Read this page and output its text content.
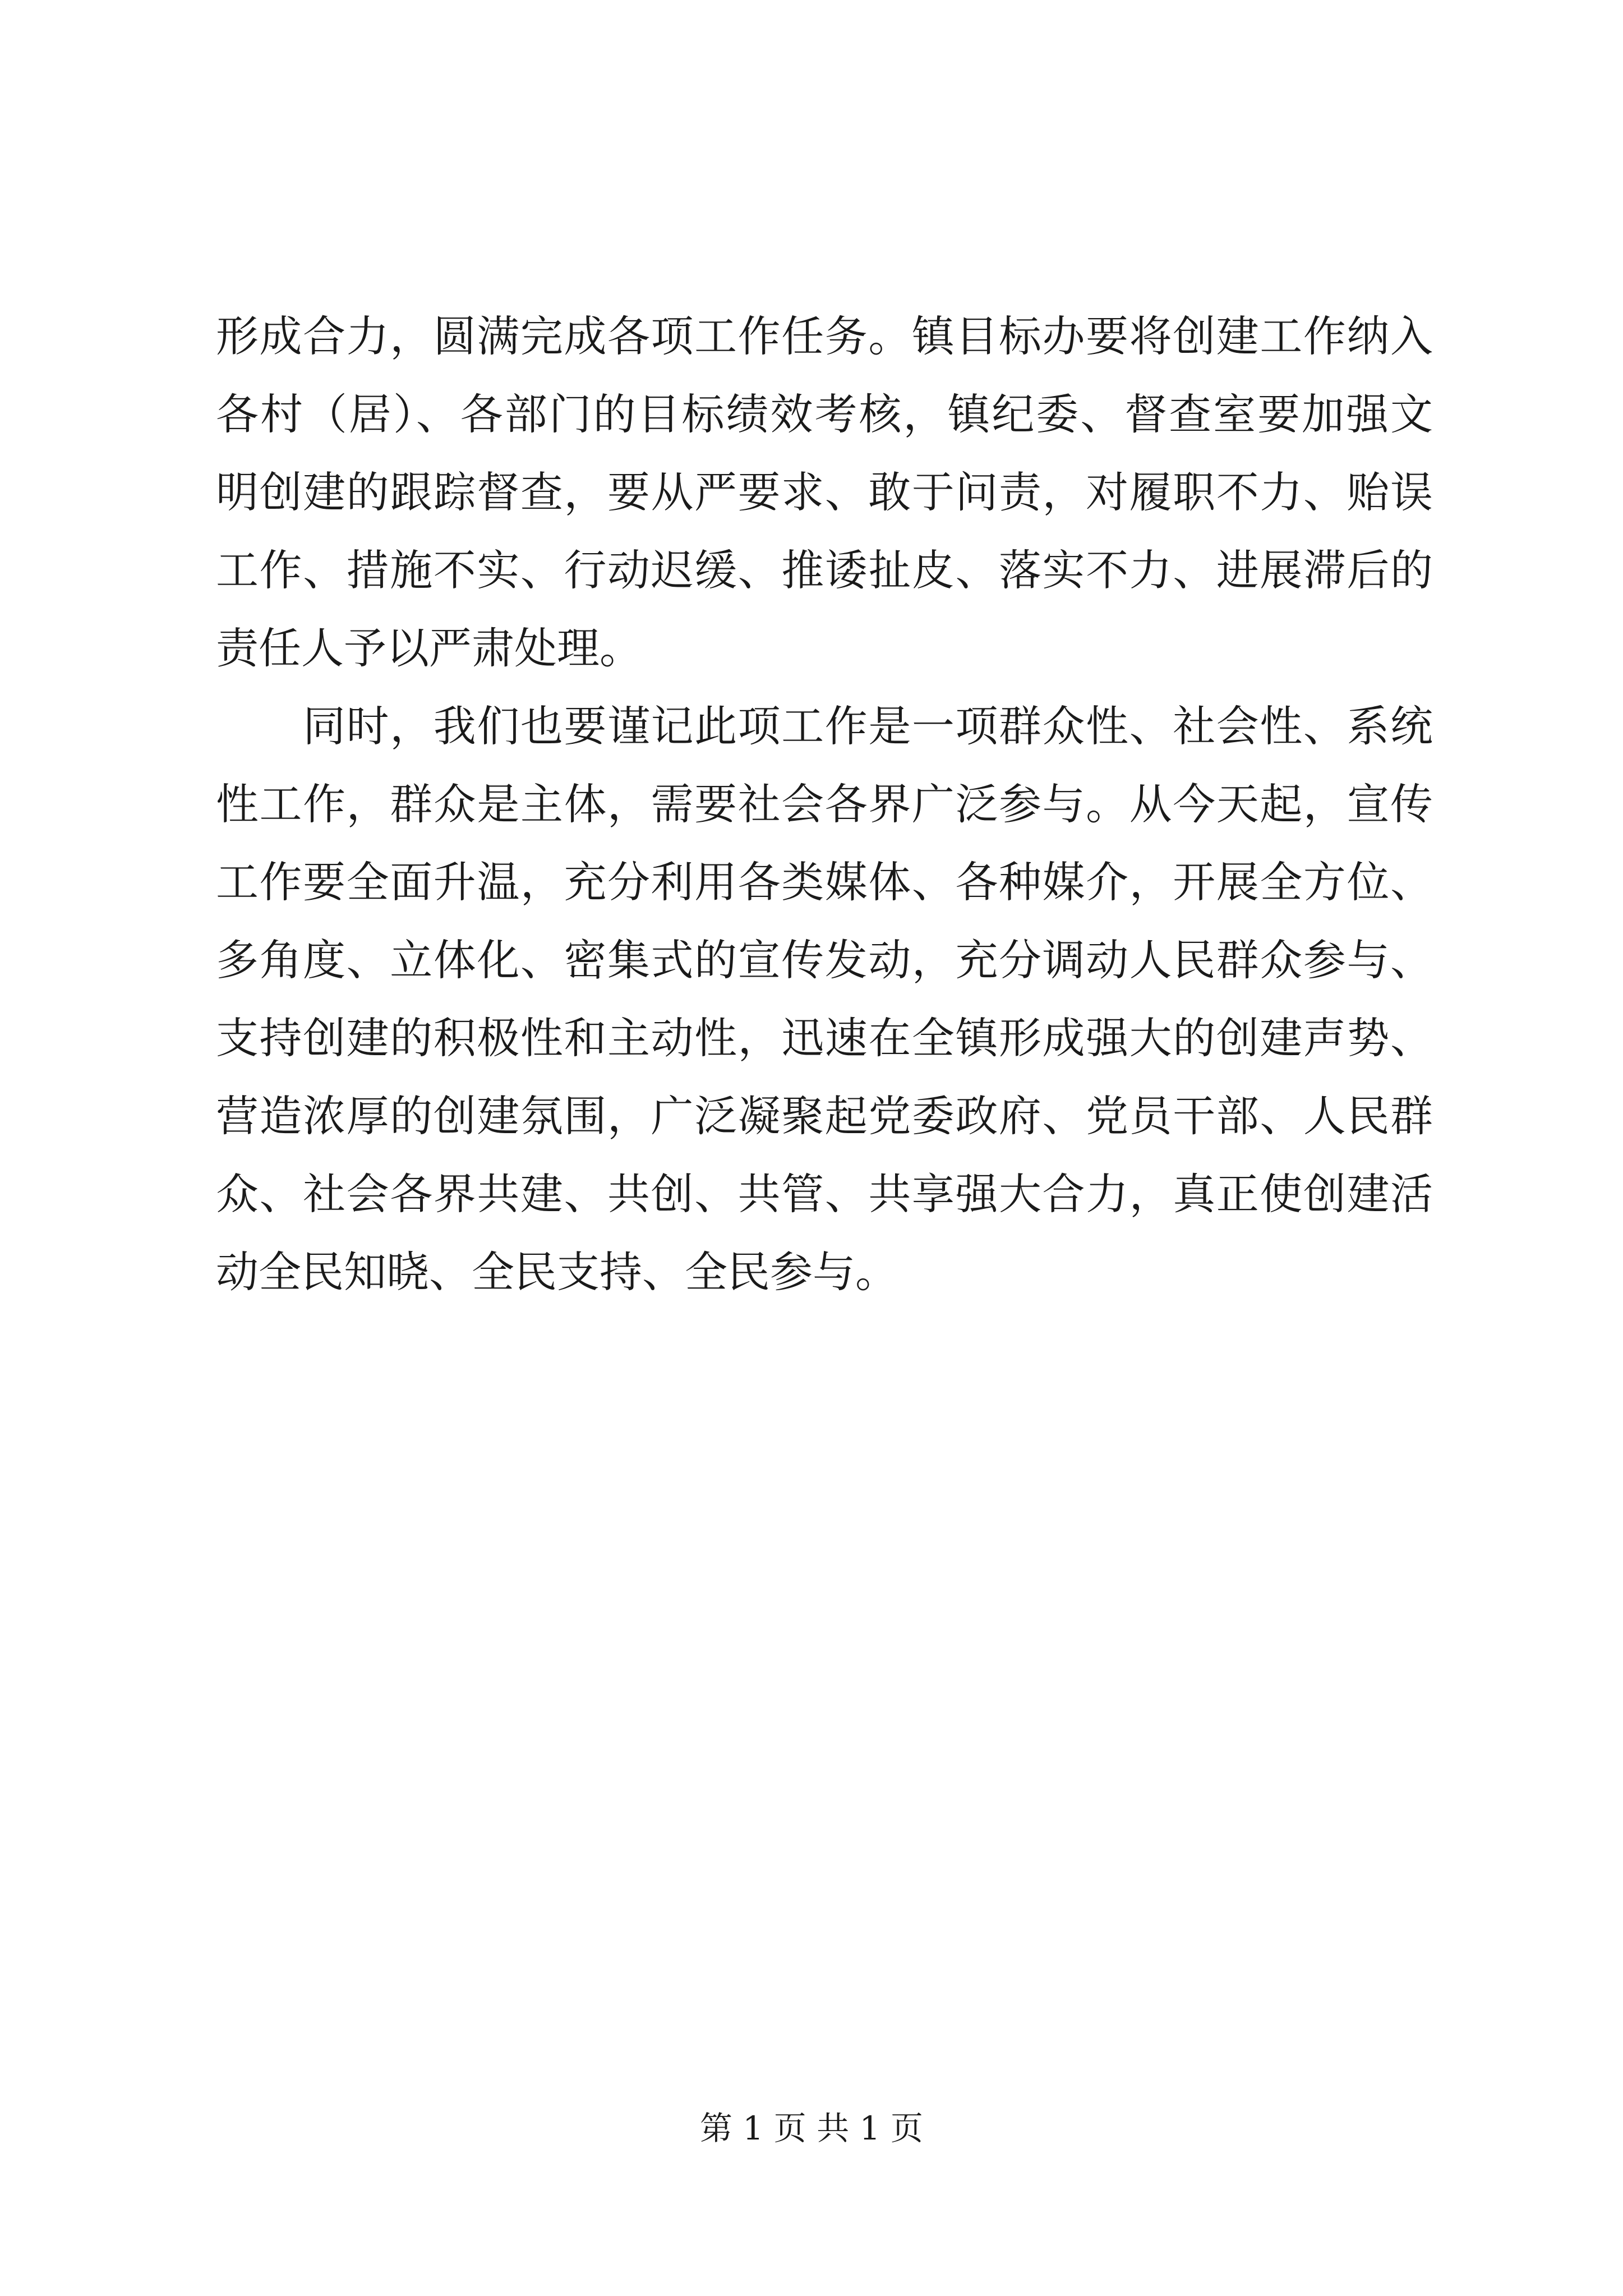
形成合力，圆满完成各项工作任务。镇目标办要将创建工作纳入
各村（居）、各部门的目标绩效考核，镇纪委、督查室要加强文
明创建的跟踪督查，要从严要求、敢于问责，对履职不力、贻误
工作、措施不实、行动迟缓、推诿扯皮、落实不力、进展滞后的
责任人予以严肃处理。
　　同时，我们也要谨记此项工作是一项群众性、社会性、系统
性工作，群众是主体，需要社会各界广泛参与。从今天起，宣传
工作要全面升温，充分利用各类媒体、各种媒介，开展全方位、
多角度、立体化、密集式的宣传发动，充分调动人民群众参与、
支持创建的积极性和主动性，迅速在全镇形成强大的创建声势、
营造浓厚的创建氛围，广泛凝聚起党委政府、党员干部、人民群
众、社会各界共建、共创、共管、共享强大合力，真正使创建活
动全民知晓、全民支持、全民参与。
第 1 页 共 1 页
